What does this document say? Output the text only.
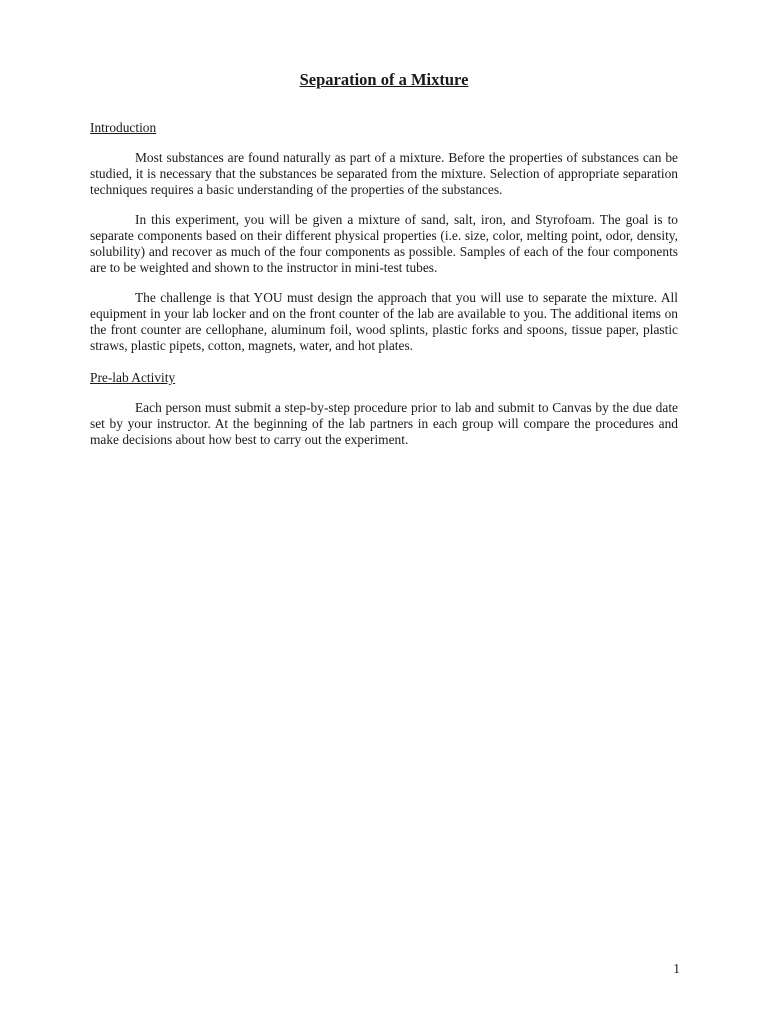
Separation of a Mixture
Introduction

Most substances are found naturally as part of a mixture. Before the properties of substances can be studied, it is necessary that the substances be separated from the mixture. Selection of appropriate separation techniques requires a basic understanding of the properties of the substances.

In this experiment, you will be given a mixture of sand, salt, iron, and Styrofoam. The goal is to separate components based on their different physical properties (i.e. size, color, melting point, odor, density, solubility) and recover as much of the four components as possible. Samples of each of the four components are to be weighted and shown to the instructor in mini-test tubes.

The challenge is that YOU must design the approach that you will use to separate the mixture. All equipment in your lab locker and on the front counter of the lab are available to you. The additional items on the front counter are cellophane, aluminum foil, wood splints, plastic forks and spoons, tissue paper, plastic straws, plastic pipets, cotton, magnets, water, and hot plates.

Pre-lab Activity

Each person must submit a step-by-step procedure prior to lab and submit to Canvas by the due date set by your instructor. At the beginning of the lab partners in each group will compare the procedures and make decisions about how best to carry out the experiment.

1
